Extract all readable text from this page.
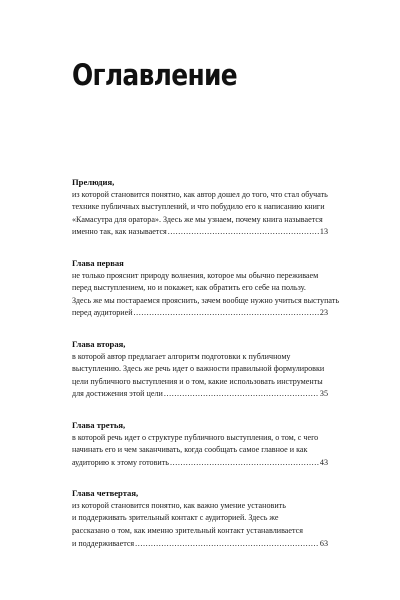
Оглавление
Прелюдия,
из которой становится понятно, как автор дошел до того, что стал обучать
технике публичных выступлений, и что побудило его к написанию книги
«Камасутра для оратора». Здесь же мы узнаем, почему книга называется
именно так, как называется .....	13
Глава первая
не только прояснит природу волнения, которое мы обычно переживаем
перед выступлением, но и покажет, как обратить его себе на пользу.
Здесь же мы постараемся прояснить, зачем вообще нужно учиться выступать
перед аудиторией .....	23
Глава вторая,
в которой автор предлагает алгоритм подготовки к публичному
выступлению. Здесь же речь идет о важности правильной формулировки
цели публичного выступления и о том, какие использовать инструменты
для достижения этой цели .....	35
Глава третья,
в которой речь идет о структуре публичного выступления, о том, с чего
начинать его и чем заканчивать, когда сообщать самое главное и как
аудиторию к этому готовить .....	43
Глава четвертая,
из которой становится понятно, как важно умение установить
и поддерживать зрительный контакт с аудиторией. Здесь же
рассказано о том, как именно зрительный контакт устанавливается
и поддерживается .....	63
